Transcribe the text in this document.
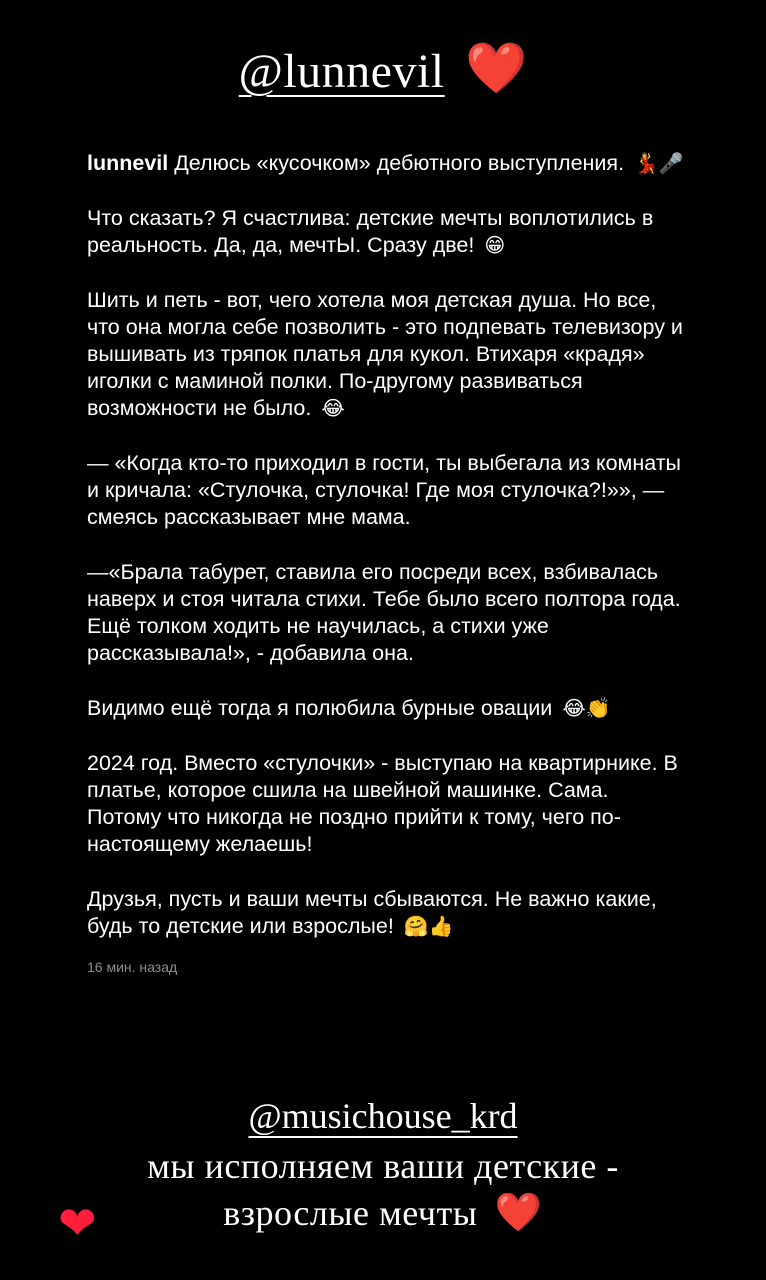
@lunnevil ❤️

lunnevil Делюсь «кусочком» дебютного выступления. 💃🎤

Что сказать? Я счастлива: детские мечты воплотились в реальность. Да, да, мечтЫ. Сразу две! 😁

Шить и петь - вот, чего хотела моя детская душа. Но все, что она могла себе позволить - это подпевать телевизору и вышивать из тряпок платья для кукол. Втихаря «крадя» иголки с маминой полки. По-другому развиваться возможности не было. 😂

— «Когда кто-то приходил в гости, ты выбегала из комнаты и кричала: «Стулочка, стулочка! Где моя стулочка?!»», — смеясь рассказывает мне мама.

—«Брала табурет, ставила его посреди всех, взбивалась наверх и стоя читала стихи. Тебе было всего полтора года. Ещё толком ходить не научилась, а стихи уже рассказывала!», - добавила она.

Видимо ещё тогда я полюбила бурные овации 😂👏

2024 год. Вместо «стулочки» - выступаю на квартирнике. В платье, которое сшила на швейной машинке. Сама. Потому что никогда не поздно прийти к тому, чего по-настоящему желаешь!

Друзья, пусть и ваши мечты сбываются. Не важно какие, будь то детские или взрослые! 🤗👍

16 мин. назад
@musichouse_krd
мы исполняем ваши детские -
взрослые мечты ❤️
❤
